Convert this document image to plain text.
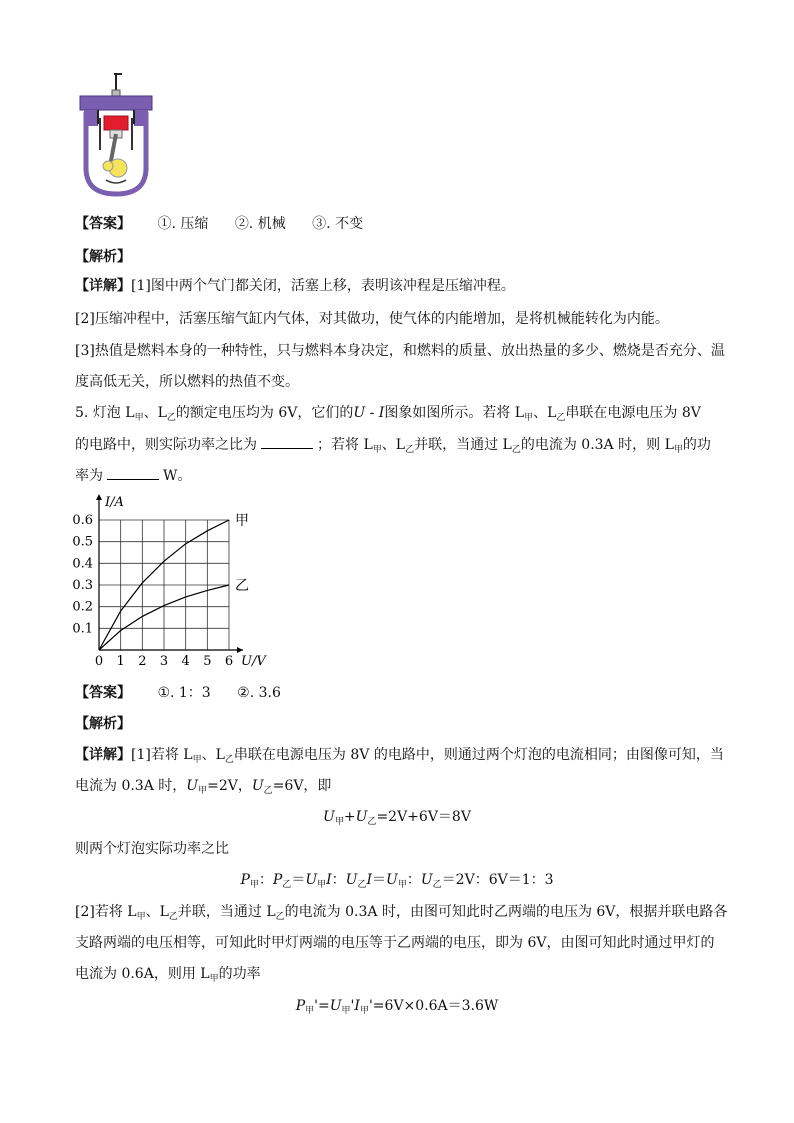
【答案】 ①. 压缩 ②. 机械 ③. 不变
【解析】
【详解】[1]图中两个气门都关闭，活塞上移，表明该冲程是压缩冲程。
[2]压缩冲程中，活塞压缩气缸内气体，对其做功，使气体的内能增加，是将机械能转化为内能。
[3]热值是燃料本身的一种特性，只与燃料本身决定，和燃料的质量、放出热量的多少、燃烧是否充分、温
度高低无关，所以燃料的热值不变。
5. 灯泡 $L_甲$、$L_乙$的额定电压均为 6V，它们的U - I图象如图所示。若将 $L_甲$、$L_乙$串联在电源电压为 8V
的电路中，则实际功率之比为	；若将 $L_甲$、$L_乙$并联，当通过 $L_乙$的电流为 0.3A 时，则 $L_甲$的功
率为	W。
0 1 2 3 4 5 6
0.1
0.2
0.3
0.4
0.5
0.6
U/V
I/A
甲
乙
【答案】 ①. 1：3 ②. 3.6
【解析】
【详解】[1]若将 $L_甲$、$L_乙$串联在电源电压为 8V 的电路中，则通过两个灯泡的电流相同；由图像可知，当
电流为 0.3A 时，$U_甲=2V$，$U_乙=6V$，即
$U_甲+U_乙=2V+6V=8V$
则两个灯泡实际功率之比
$P_甲$：$P_乙=U_甲I$：$U_乙I=U_甲$：$U_乙=2V$：6V＝1：3
[2]若将 $L_甲$、$L_乙$并联，当通过 $L_乙$的电流为 0.3A 时，由图可知此时乙两端的电压为 6V，根据并联电路各
支路两端的电压相等，可知此时甲灯两端的电压等于乙两端的电压，即为 6V，由图可知此时通过甲灯的
电流为 0.6A，则用 $L_甲$的功率
$P_甲'=U_甲'I_甲'=6V\times 0.6A=3.6W$
